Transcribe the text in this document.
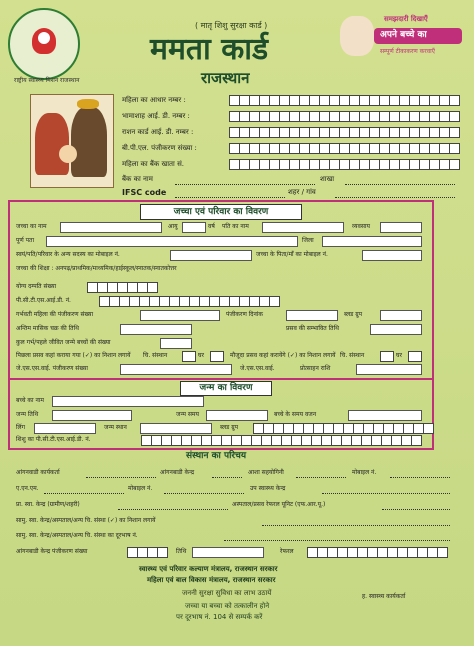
राष्ट्रीय स्वास्थ्य मिशन राजस्थान
( मातृ शिशु सुरक्षा कार्ड )
ममता कार्ड
राजस्थान
समझदारी दिखाएँ
अपने बच्चे का
सम्पूर्ण टीकाकरण करवाएँ
महिला का आधार नम्बर :
भामाशाह आई. डी. नम्बर :
राशन कार्ड आई. डी. नम्बर :
बी.पी.एल. पंजीकरण संख्या :
महिला का बैंक खाता सं.
बैंक का नाम	शाखा
IFSC code	शहर / गांव
जच्चा एवं परिवार का विवरण
जच्चा का नाम	आयु	वर्ष पति का नाम	व्यवसाय
पूर्ण पता	जिला
स्वयं/पति/परिवार के अन्य सदस्य का मोबाइल नं.	जच्चा के पिता/माँ का मोबाइल नं.
जच्चा की शिक्षा : अनपढ़/प्राथमिक/माध्यमिक/हाईस्कूल/स्नातक/स्नातकोत्तर
योग्य दम्पति संख्या
पी.सी.टी.एस.आई.डी. नं.
गर्भवती महिला की पंजीकरण संख्या	पंजीकरण दिनांक	ब्लड ग्रुप
अन्तिम मासिक चक्र की तिथि	प्रसव की सम्भावित तिथि
कुल गर्भ/पहले जीवित जन्मे बच्चों की संख्या
पिछला प्रसव कहां कराया गया (✓) का निशान लगायें चि. संस्थान	घर	मौजूदा प्रसव कहां करायेंगे (✓) का निशान लगायें चि. संस्थान	घर
जे.एस.एस.वाई. पंजीकरण संख्या	जे.एस.एस.वाई.	प्रोत्साहन राशि
जन्म का विवरण
बच्चे का नाम
जन्म तिथि	जन्म समय	बच्चे के समय वजन
लिंग	जन्म स्थान	ब्लड ग्रुप
शिशु का पी.सी.टी.एस.आई.डी. नं.
संस्थान का परिचय
आंगनवाडी कार्यकर्ता	आंगनबाडी केन्द्र	आशा सहयोगिनी	मोबाइल नं.
ए.एन.एम.	मोबाइल नं.	उप स्वास्थ्य केन्द्र
प्रा. स्वा. केन्द्र (ग्रामीण/शहरी)	अस्पताल/प्रसव रेफरल यूनिट (एफ.आर.यू.)
सामु. स्वा. केन्द्र/अस्पताल/अन्य चि. संस्था (✓) का निशान लगायें
सामु. स्वा. केन्द्र/अस्पताल/अन्य चि. संस्था का दूरभाष नं.
आंगनबाडी केन्द्र पंजीकरण संख्या	तिथि	रेफरल
स्वास्थ्य एवं परिवार कल्याण मंत्रालय, राजस्थान सरकार
महिला एवं बाल विकास मंत्रालय, राजस्थान सरकार
जननी सुरक्षा सुविधा का लाभ उठायें	ह. स्वास्थ्य कार्यकर्ता
जच्चा या बच्चा को तत्कालीन होने
पर दूरभाष नं. 104 से सम्पर्क करें
